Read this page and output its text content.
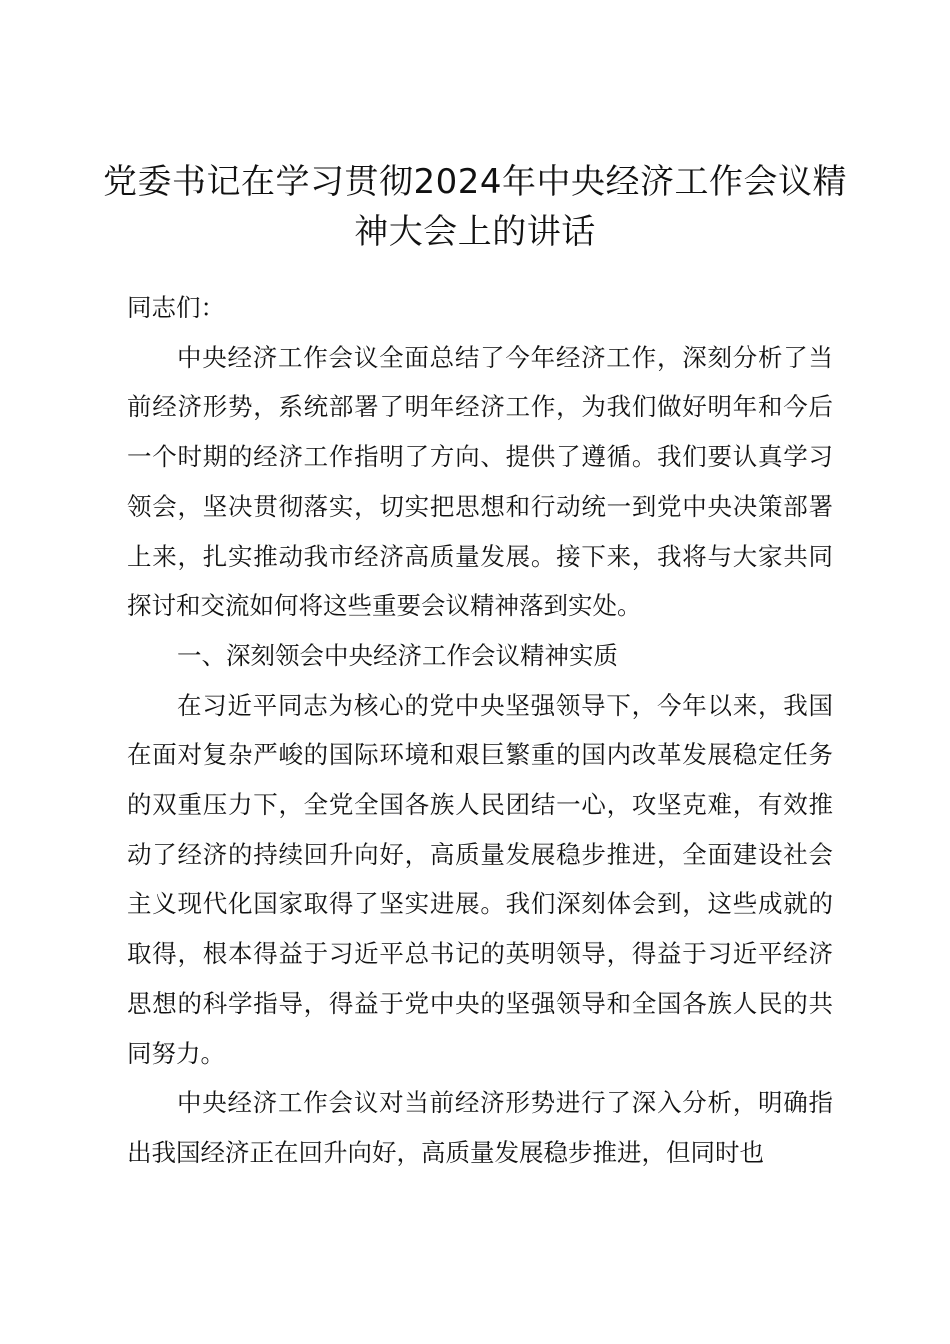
党委书记在学习贯彻2024年中央经济工作会议精神大会上的讲话

同志们：

中央经济工作会议全面总结了今年经济工作，深刻分析了当前经济形势，系统部署了明年经济工作，为我们做好明年和今后一个时期的经济工作指明了方向、提供了遵循。我们要认真学习领会，坚决贯彻落实，切实把思想和行动统一到党中央决策部署上来，扎实推动我市经济高质量发展。接下来，我将与大家共同探讨和交流如何将这些重要会议精神落到实处。

一、深刻领会中央经济工作会议精神实质

在习近平同志为核心的党中央坚强领导下，今年以来，我国在面对复杂严峻的国际环境和艰巨繁重的国内改革发展稳定任务的双重压力下，全党全国各族人民团结一心，攻坚克难，有效推动了经济的持续回升向好，高质量发展稳步推进，全面建设社会主义现代化国家取得了坚实进展。我们深刻体会到，这些成就的取得，根本得益于习近平总书记的英明领导，得益于习近平经济思想的科学指导，得益于党中央的坚强领导和全国各族人民的共同努力。

中央经济工作会议对当前经济形势进行了深入分析，明确指出我国经济正在回升向好，高质量发展稳步推进，但同时也
